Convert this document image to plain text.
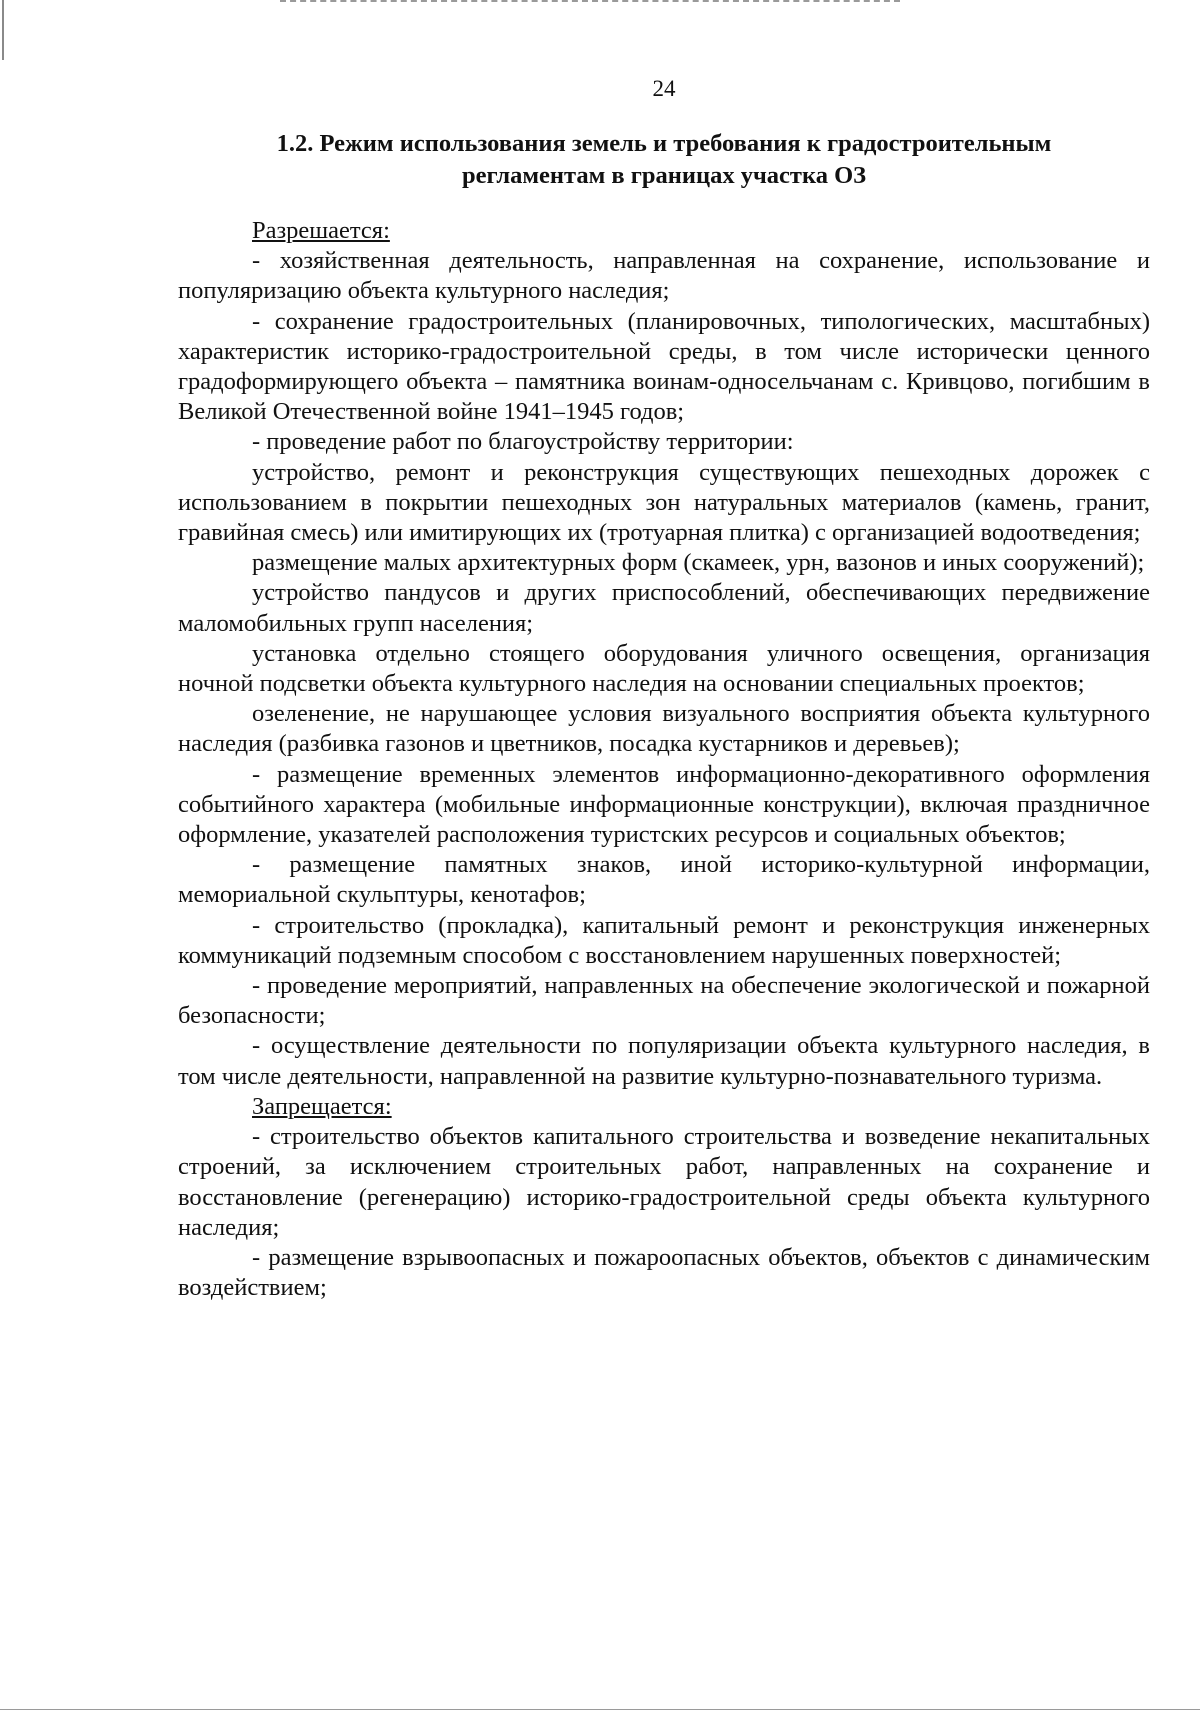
24
1.2. Режим использования земель и требования к градостроительным
регламентам в границах участка ОЗ

Разрешается:

- хозяйственная деятельность, направленная на сохранение, использование и популяризацию объекта культурного наследия;

- сохранение градостроительных (планировочных, типологических, масштабных) характеристик историко-градостроительной среды, в том числе исторически ценного градоформирующего объекта – памятника воинам-односельчанам с. Кривцово, погибшим в Великой Отечественной войне 1941–1945 годов;

- проведение работ по благоустройству территории:

устройство, ремонт и реконструкция существующих пешеходных дорожек с использованием в покрытии пешеходных зон натуральных материалов (камень, гранит, гравийная смесь) или имитирующих их (тротуарная плитка) с организацией водоотведения;

размещение малых архитектурных форм (скамеек, урн, вазонов и иных сооружений);

устройство пандусов и других приспособлений, обеспечивающих передвижение маломобильных групп населения;

установка отдельно стоящего оборудования уличного освещения, организация ночной подсветки объекта культурного наследия на основании специальных проектов;

озеленение, не нарушающее условия визуального восприятия объекта культурного наследия (разбивка газонов и цветников, посадка кустарников и деревьев);

- размещение временных элементов информационно-декоративного оформления событийного характера (мобильные информационные конструкции), включая праздничное оформление, указателей расположения туристских ресурсов и социальных объектов;

- размещение памятных знаков, иной историко-культурной информации, мемориальной скульптуры, кенотафов;

- строительство (прокладка), капитальный ремонт и реконструкция инженерных коммуникаций подземным способом с восстановлением нарушенных поверхностей;

- проведение мероприятий, направленных на обеспечение экологической и пожарной безопасности;

- осуществление деятельности по популяризации объекта культурного наследия, в том числе деятельности, направленной на развитие культурно-познавательного туризма.

Запрещается:

- строительство объектов капитального строительства и возведение некапитальных строений, за исключением строительных работ, направленных на сохранение и восстановление (регенерацию) историко-градостроительной среды объекта культурного наследия;

- размещение взрывоопасных и пожароопасных объектов, объектов с динамическим воздействием;
